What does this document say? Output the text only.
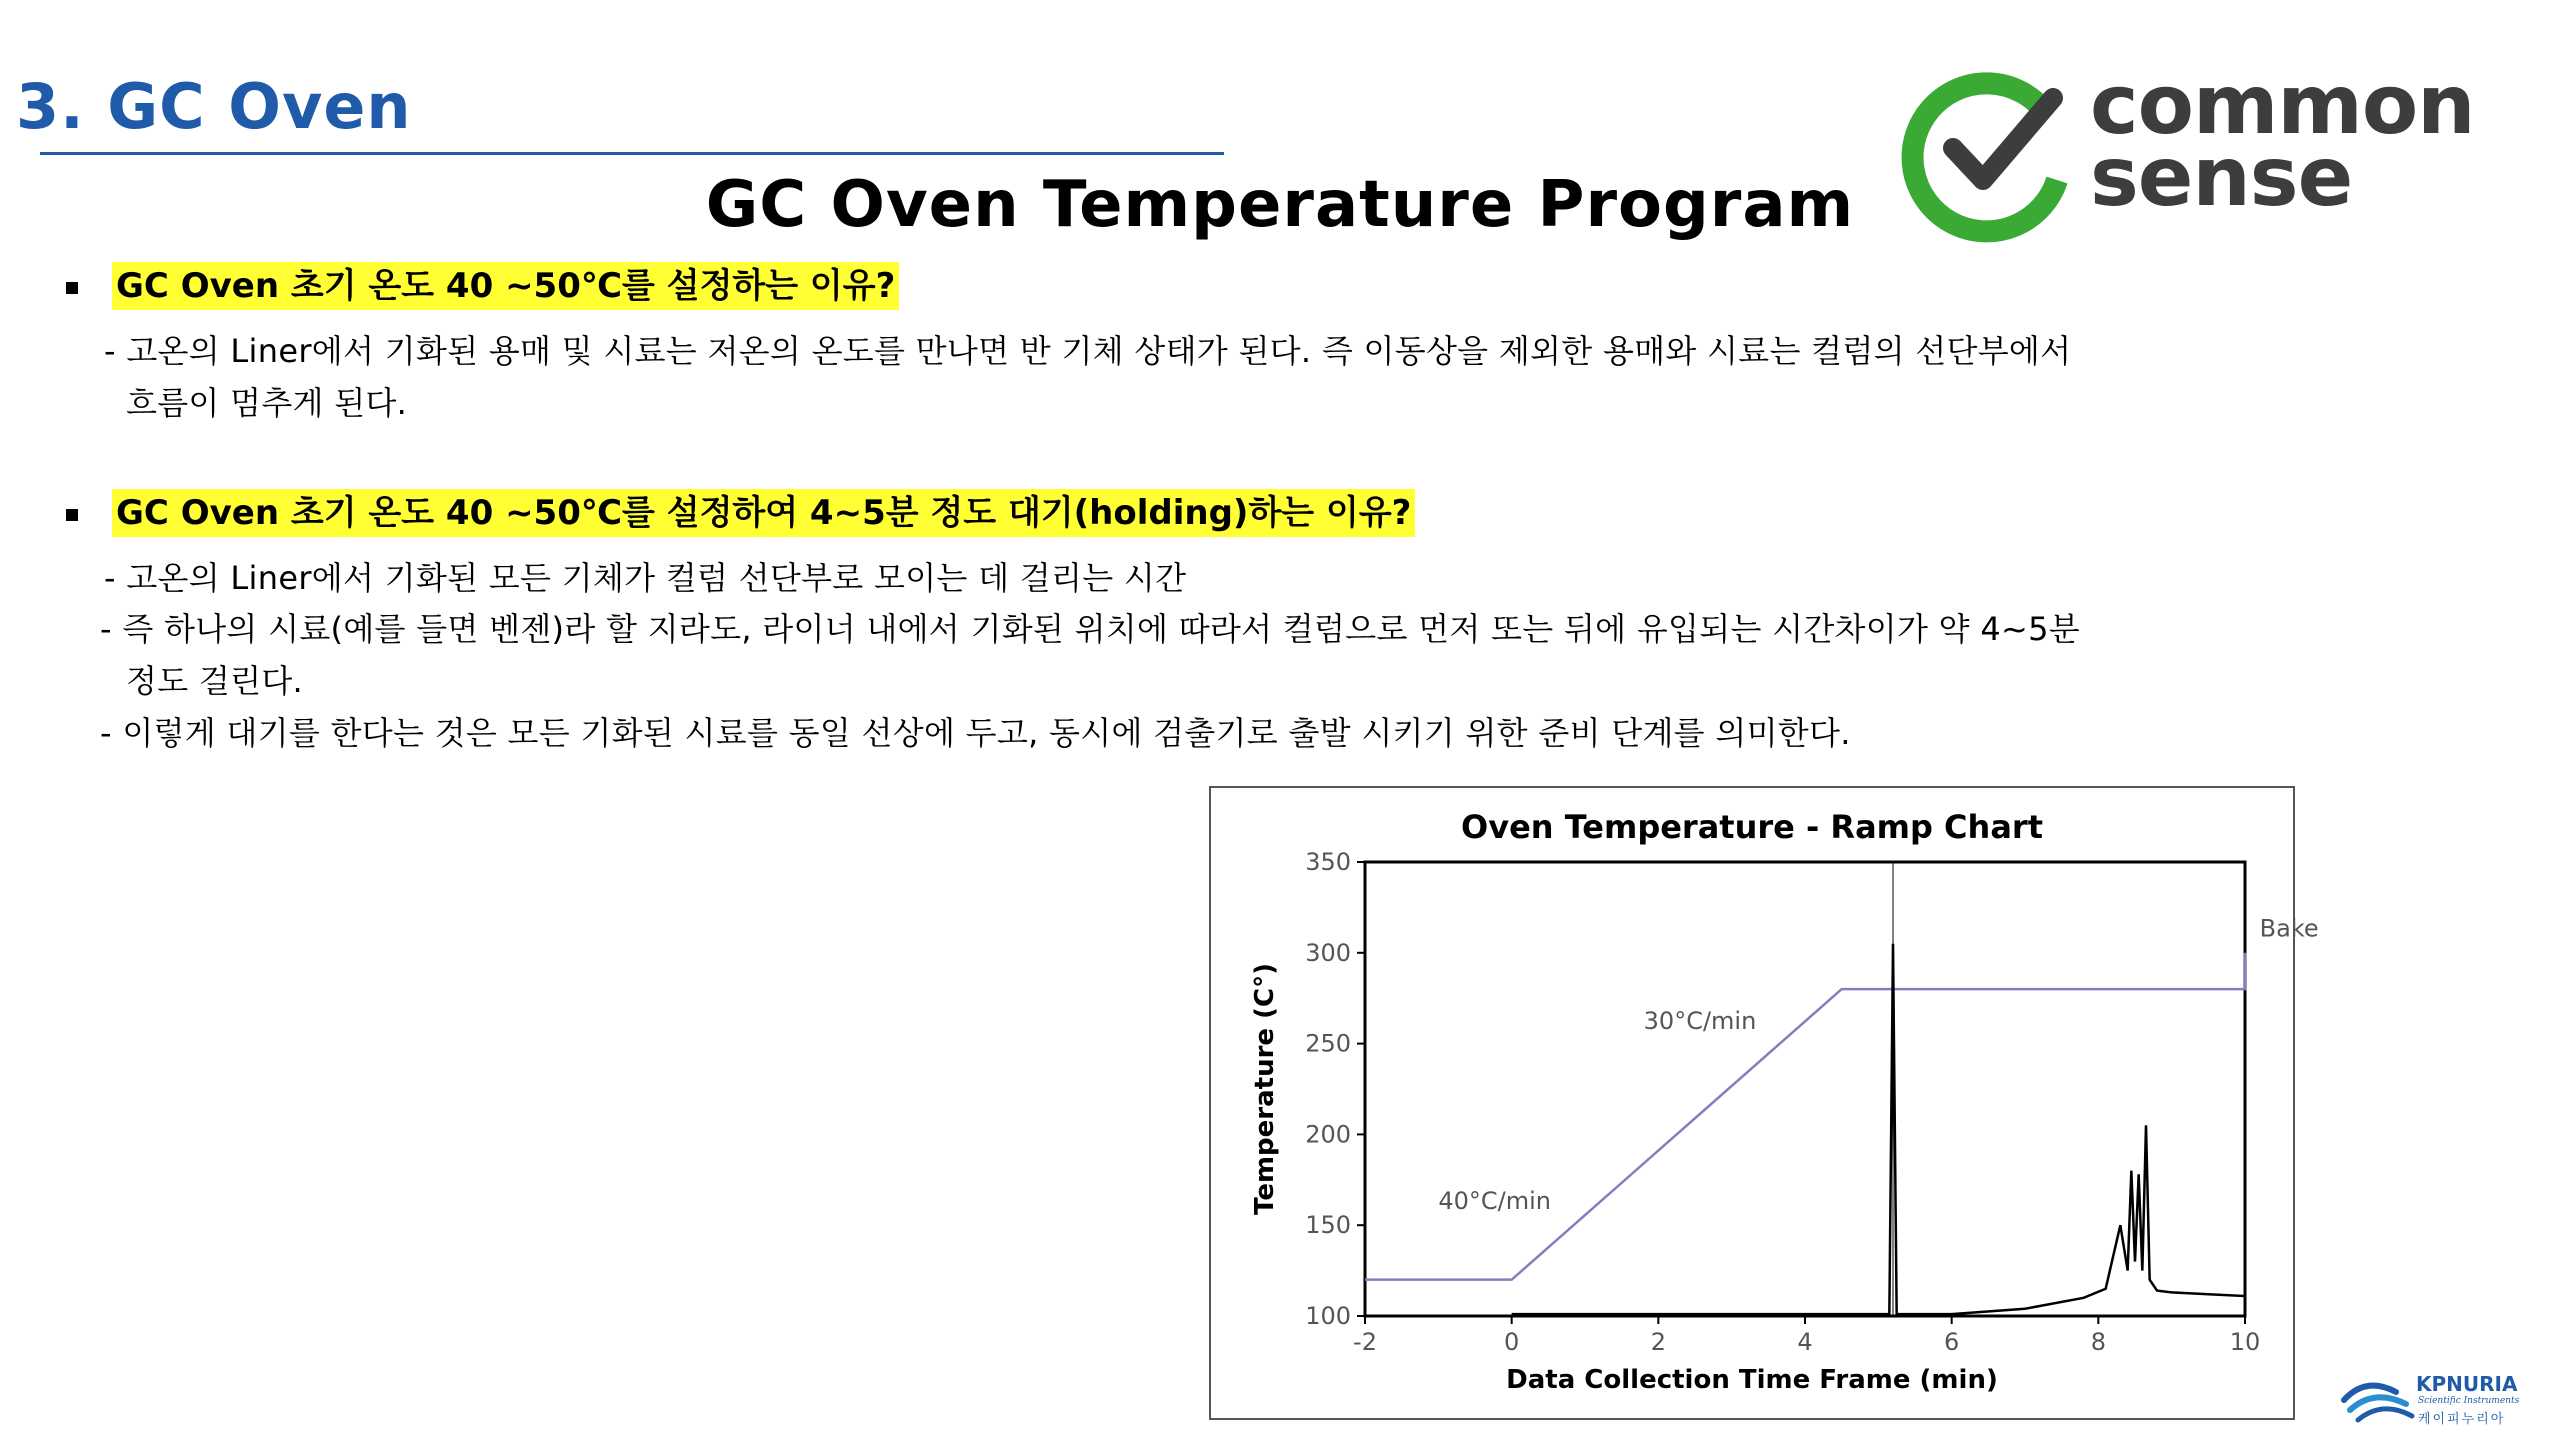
3. GC Oven	common
sense

GC Oven Temperature Program
GC Oven 초기 온도 40 ~50℃를 설정하는 이유?
- 고온의 Liner에서 기화된 용매 및 시료는 저온의 온도를 만나면 반 기체 상태가 된다. 즉 이동상을 제외한 용매와 시료는 컬럼의 선단부에서
흐름이 멈추게 된다.
GC Oven 초기 온도 40 ~50℃를 설정하여 4~5분 정도 대기(holding)하는 이유?
- 고온의 Liner에서 기화된 모든 기체가 컬럼 선단부로 모이는 데 걸리는 시간
- 즉 하나의 시료(예를 들면 벤젠)라 할 지라도, 라이너 내에서 기화된 위치에 따라서 컬럼으로 먼저 또는 뒤에 유입되는 시간차이가 약 4~5분
정도 걸린다.
- 이렇게 대기를 한다는 것은 모든 기화된 시료를 동일 선상에 두고, 동시에 검출기로 출발 시키기 위한 준비 단계를 의미한다.
Oven Temperature - Ramp Chart
-2	0	2	4	6	8	10
100
150
200
250
300
350
Data Collection Time Frame (min)
Temperature (C°)	40°C/min
30°C/min
Bake
KPNURIA
Scientific Instruments
케이피누리아
